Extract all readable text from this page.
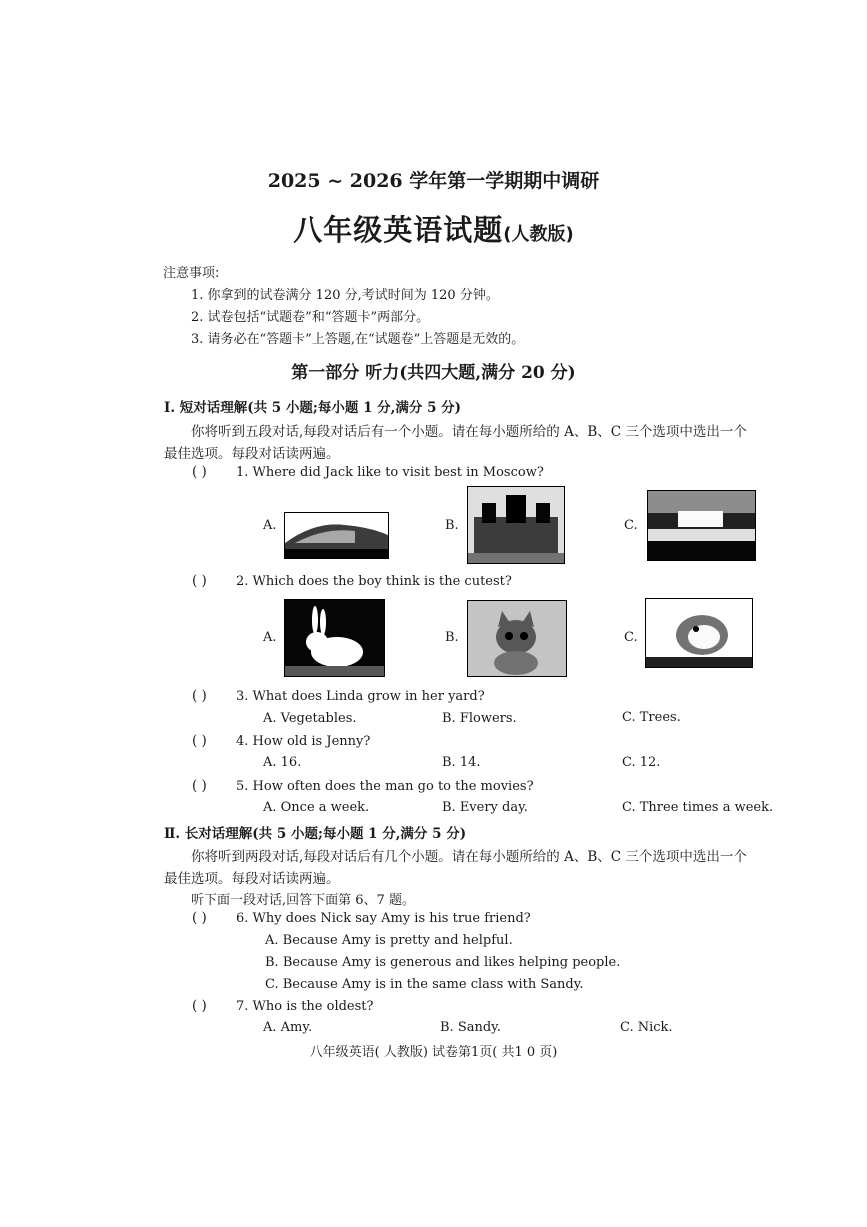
2025 ~ 2026 学年第一学期期中调研
八年级英语试题(人教版)
注意事项:
1. 你拿到的试卷满分 120 分,考试时间为 120 分钟。
2. 试卷包括“试题卷”和“答题卡”两部分。
3. 请务必在“答题卡”上答题,在“试题卷”上答题是无效的。
第一部分 听力(共四大题,满分 20 分)
Ⅰ. 短对话理解(共 5 小题;每小题 1 分,满分 5 分)
你将听到五段对话,每段对话后有一个小题。请在每小题所给的 A、B、C 三个选项中选出一个
最佳选项。每段对话读两遍。
( ) 1. Where did Jack like to visit best in Moscow?
A.	B.	C.
( ) 2. Which does the boy think is the cutest?
A.	B.	C.
( ) 3. What does Linda grow in her yard?
A. Vegetables.	B. Flowers.	C. Trees.
( ) 4. How old is Jenny?
A. 16.	B. 14.	C. 12.
( ) 5. How often does the man go to the movies?
A. Once a week.	B. Every day.	C. Three times a week.
Ⅱ. 长对话理解(共 5 小题;每小题 1 分,满分 5 分)
你将听到两段对话,每段对话后有几个小题。请在每小题所给的 A、B、C 三个选项中选出一个
最佳选项。每段对话读两遍。
听下面一段对话,回答下面第 6、7 题。
( ) 6. Why does Nick say Amy is his true friend?
A. Because Amy is pretty and helpful.
B. Because Amy is generous and likes helping people.
C. Because Amy is in the same class with Sandy.
( ) 7. Who is the oldest?
A. Amy.	B. Sandy.	C. Nick.
八年级英语( 人教版) 试卷第1页( 共1 0 页)
